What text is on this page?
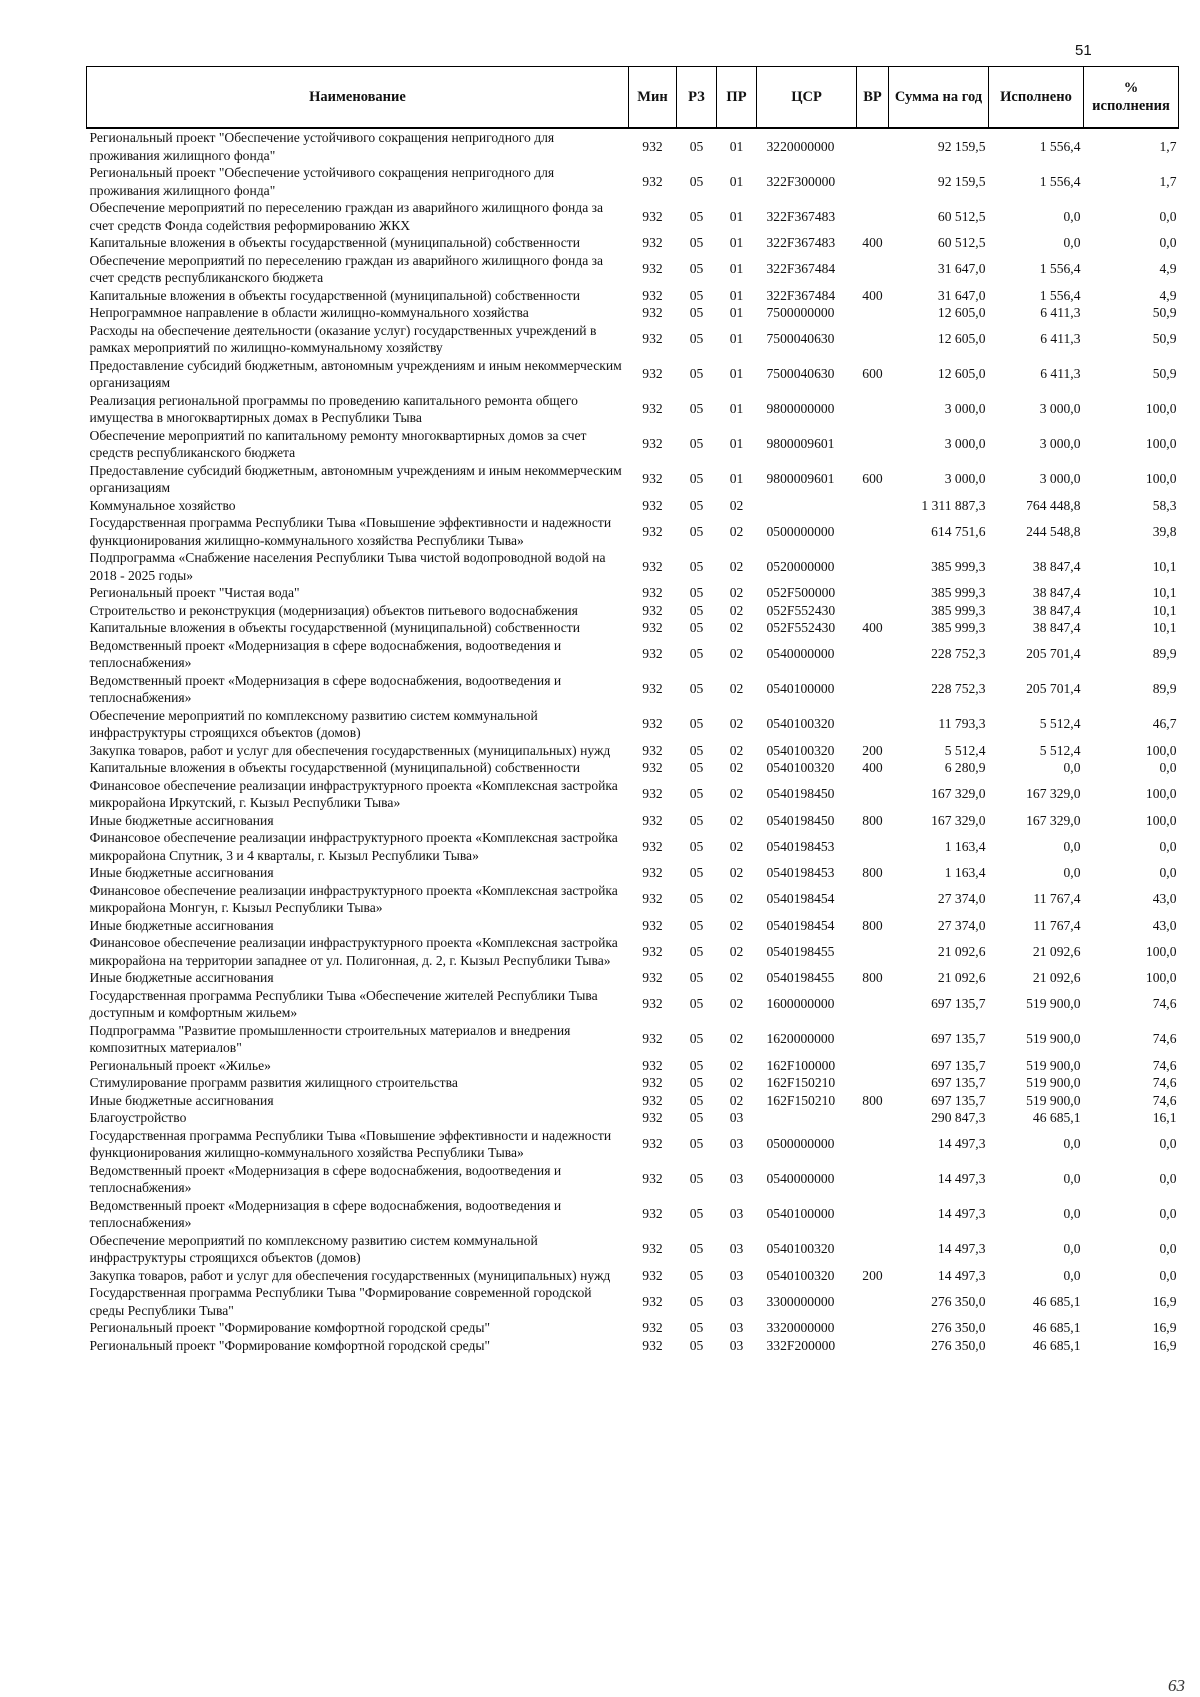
51
Наименование	Мин	РЗ	ПР	ЦСР	ВР	Сумма на год	Исполнено	% исполнения
Региональный проект "Обеспечение устойчивого сокращения непригодного для проживания жилищного фонда"	932	05	01	3220000000		92 159,5	1 556,4	1,7
Региональный проект "Обеспечение устойчивого сокращения непригодного для проживания жилищного фонда"	932	05	01	322F300000		92 159,5	1 556,4	1,7
Обеспечение мероприятий по переселению граждан из аварийного жилищного фонда за счет средств Фонда содействия реформированию ЖКХ	932	05	01	322F367483		60 512,5	0,0	0,0
Капитальные вложения в объекты государственной (муниципальной) собственности	932	05	01	322F367483	400	60 512,5	0,0	0,0
Обеспечение мероприятий по переселению граждан из аварийного жилищного фонда за счет средств республиканского бюджета	932	05	01	322F367484		31 647,0	1 556,4	4,9
Капитальные вложения в объекты государственной (муниципальной) собственности	932	05	01	322F367484	400	31 647,0	1 556,4	4,9
Непрограммное направление в области жилищно-коммунального хозяйства	932	05	01	7500000000		12 605,0	6 411,3	50,9
Расходы на обеспечение деятельности (оказание услуг) государственных учреждений в рамках мероприятий по жилищно-коммунальному хозяйству	932	05	01	7500040630		12 605,0	6 411,3	50,9
Предоставление субсидий бюджетным, автономным учреждениям и иным некоммерческим организациям	932	05	01	7500040630	600	12 605,0	6 411,3	50,9
Реализация региональной программы по проведению капитального ремонта общего имущества в многоквартирных домах в Республики Тыва	932	05	01	9800000000		3 000,0	3 000,0	100,0
Обеспечение мероприятий по капитальному ремонту многоквартирных домов за счет средств республиканского бюджета	932	05	01	9800009601		3 000,0	3 000,0	100,0
Предоставление субсидий бюджетным, автономным учреждениям и иным некоммерческим организациям	932	05	01	9800009601	600	3 000,0	3 000,0	100,0
Коммунальное хозяйство	932	05	02			1 311 887,3	764 448,8	58,3
Государственная программа Республики Тыва «Повышение эффективности и надежности функционирования жилищно-коммунального хозяйства Республики Тыва»	932	05	02	0500000000		614 751,6	244 548,8	39,8
Подпрограмма «Снабжение населения Республики Тыва чистой водопроводной водой на 2018 - 2025 годы»	932	05	02	0520000000		385 999,3	38 847,4	10,1
Региональный проект "Чистая вода"	932	05	02	052F500000		385 999,3	38 847,4	10,1
Строительство и реконструкция (модернизация) объектов питьевого водоснабжения	932	05	02	052F552430		385 999,3	38 847,4	10,1
Капитальные вложения в объекты государственной (муниципальной) собственности	932	05	02	052F552430	400	385 999,3	38 847,4	10,1
Ведомственный проект «Модернизация в сфере водоснабжения, водоотведения и теплоснабжения»	932	05	02	0540000000		228 752,3	205 701,4	89,9
Ведомственный проект «Модернизация в сфере водоснабжения, водоотведения и теплоснабжения»	932	05	02	0540100000		228 752,3	205 701,4	89,9
Обеспечение мероприятий по комплексному развитию систем коммунальной инфраструктуры строящихся объектов (домов)	932	05	02	0540100320		11 793,3	5 512,4	46,7
Закупка товаров, работ и услуг для обеспечения государственных (муниципальных) нужд	932	05	02	0540100320	200	5 512,4	5 512,4	100,0
Капитальные вложения в объекты государственной (муниципальной) собственности	932	05	02	0540100320	400	6 280,9	0,0	0,0
Финансовое обеспечение реализации инфраструктурного проекта «Комплексная застройка микрорайона Иркутский, г. Кызыл Республики Тыва»	932	05	02	0540198450		167 329,0	167 329,0	100,0
Иные бюджетные ассигнования	932	05	02	0540198450	800	167 329,0	167 329,0	100,0
Финансовое обеспечение реализации инфраструктурного проекта «Комплексная застройка микрорайона Спутник, 3 и 4 кварталы, г. Кызыл Республики Тыва»	932	05	02	0540198453		1 163,4	0,0	0,0
Иные бюджетные ассигнования	932	05	02	0540198453	800	1 163,4	0,0	0,0
Финансовое обеспечение реализации инфраструктурного проекта «Комплексная застройка микрорайона Монгун, г. Кызыл Республики Тыва»	932	05	02	0540198454		27 374,0	11 767,4	43,0
Иные бюджетные ассигнования	932	05	02	0540198454	800	27 374,0	11 767,4	43,0
Финансовое обеспечение реализации инфраструктурного проекта «Комплексная застройка микрорайона на территории западнее от ул. Полигонная, д. 2, г. Кызыл Республики Тыва»	932	05	02	0540198455		21 092,6	21 092,6	100,0
Иные бюджетные ассигнования	932	05	02	0540198455	800	21 092,6	21 092,6	100,0
Государственная программа Республики Тыва «Обеспечение жителей Республики Тыва доступным и комфортным жильем»	932	05	02	1600000000		697 135,7	519 900,0	74,6
Подпрограмма "Развитие промышленности строительных материалов и внедрения композитных материалов"	932	05	02	1620000000		697 135,7	519 900,0	74,6
Региональный проект «Жилье»	932	05	02	162F100000		697 135,7	519 900,0	74,6
Стимулирование программ развития жилищного строительства	932	05	02	162F150210		697 135,7	519 900,0	74,6
Иные бюджетные ассигнования	932	05	02	162F150210	800	697 135,7	519 900,0	74,6
Благоустройство	932	05	03			290 847,3	46 685,1	16,1
Государственная программа Республики Тыва «Повышение эффективности и надежности функционирования жилищно-коммунального хозяйства Республики Тыва»	932	05	03	0500000000		14 497,3	0,0	0,0
Ведомственный проект «Модернизация в сфере водоснабжения, водоотведения и теплоснабжения»	932	05	03	0540000000		14 497,3	0,0	0,0
Ведомственный проект «Модернизация в сфере водоснабжения, водоотведения и теплоснабжения»	932	05	03	0540100000		14 497,3	0,0	0,0
Обеспечение мероприятий по комплексному развитию систем коммунальной инфраструктуры строящихся объектов (домов)	932	05	03	0540100320		14 497,3	0,0	0,0
Закупка товаров, работ и услуг для обеспечения государственных (муниципальных) нужд	932	05	03	0540100320	200	14 497,3	0,0	0,0
Государственная программа Республики Тыва "Формирование современной городской среды Республики Тыва"	932	05	03	3300000000		276 350,0	46 685,1	16,9
Региональный проект "Формирование комфортной городской среды"	932	05	03	3320000000		276 350,0	46 685,1	16,9
Региональный проект "Формирование комфортной городской среды"	932	05	03	332F200000		276 350,0	46 685,1	16,9
63
